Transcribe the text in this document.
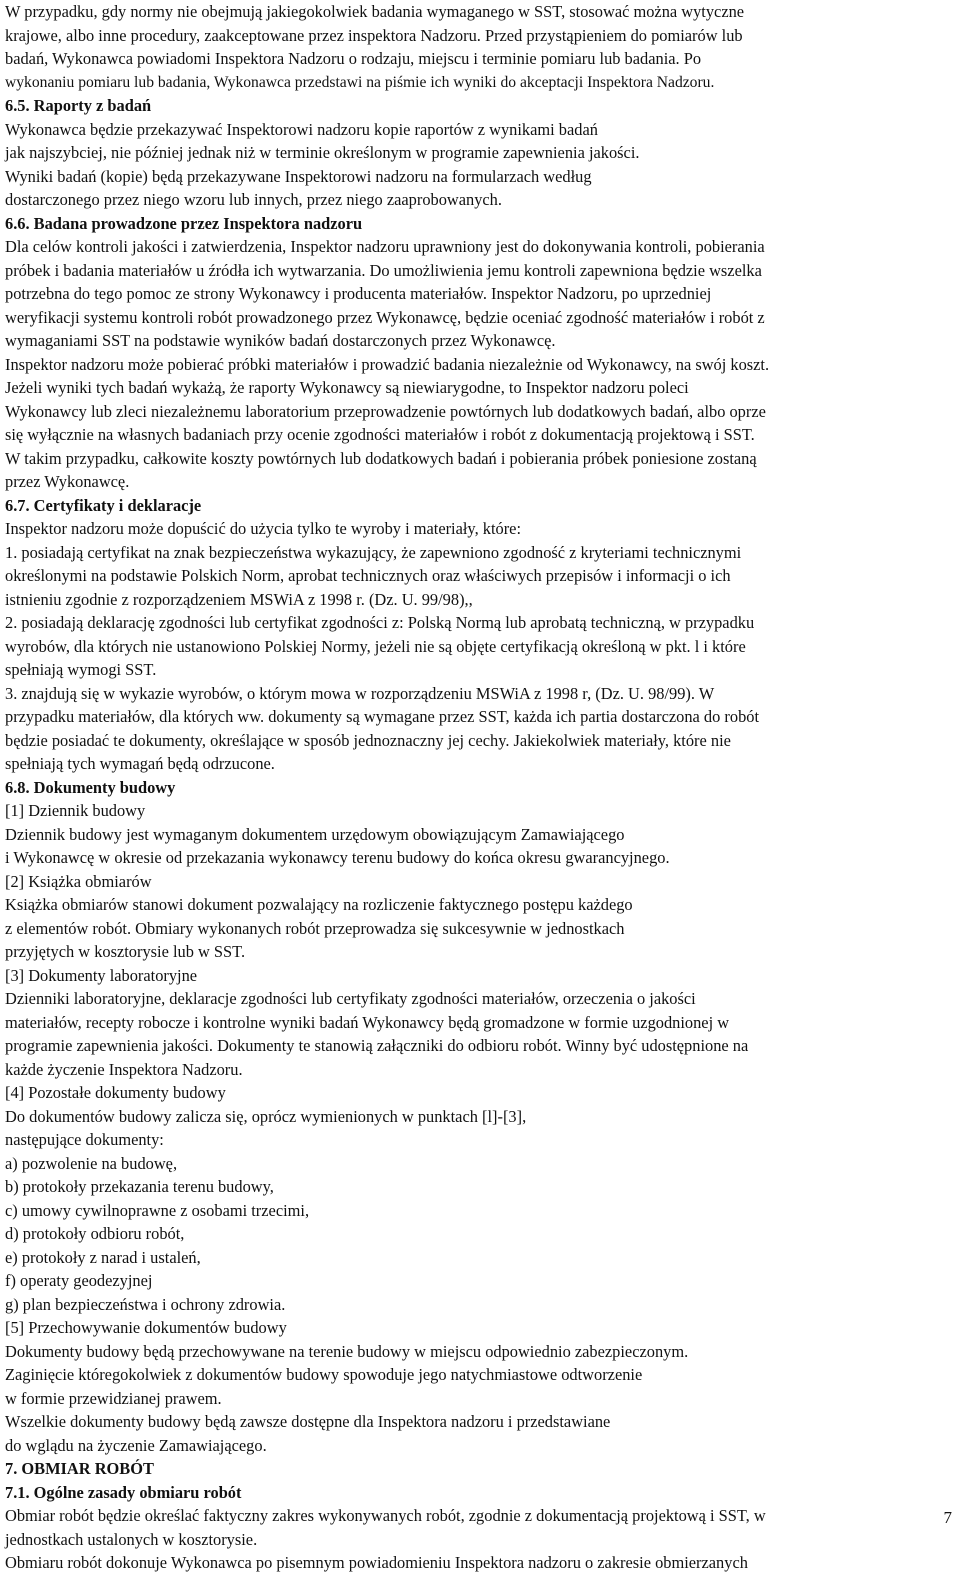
W przypadku, gdy normy nie obejmują jakiegokolwiek badania wymaganego w SST, stosować można wytyczne
krajowe, albo inne procedury, zaakceptowane przez inspektora Nadzoru. Przed przystąpieniem do pomiarów lub
badań, Wykonawca powiadomi Inspektora Nadzoru o rodzaju, miejscu i terminie pomiaru lub badania. Po
wykonaniu pomiaru lub badania, Wykonawca przedstawi na piśmie ich wyniki do akceptacji Inspektora Nadzoru.
6.5. Raporty z badań
Wykonawca będzie przekazywać Inspektorowi nadzoru kopie raportów z wynikami badań
jak najszybciej, nie później jednak niż w terminie określonym w programie zapewnienia jakości.
Wyniki badań (kopie) będą przekazywane Inspektorowi nadzoru na formularzach według
dostarczonego przez niego wzoru lub innych, przez niego zaaprobowanych.
6.6. Badana prowadzone przez Inspektora nadzoru
Dla celów kontroli jakości i zatwierdzenia, Inspektor nadzoru uprawniony jest do dokonywania kontroli, pobierania
próbek i badania materiałów u źródła ich wytwarzania. Do umożliwienia jemu kontroli zapewniona będzie wszelka
potrzebna do tego pomoc ze strony Wykonawcy i producenta materiałów. Inspektor Nadzoru, po uprzedniej
weryfikacji systemu kontroli robót prowadzonego przez Wykonawcę, będzie oceniać zgodność materiałów i robót z
wymaganiami SST na podstawie wyników badań dostarczonych przez Wykonawcę.
Inspektor nadzoru może pobierać próbki materiałów i prowadzić badania niezależnie od Wykonawcy, na swój koszt.
Jeżeli wyniki tych badań wykażą, że raporty Wykonawcy są niewiarygodne, to Inspektor nadzoru poleci
Wykonawcy lub zleci niezależnemu laboratorium przeprowadzenie powtórnych lub dodatkowych badań, albo oprze
się wyłącznie na własnych badaniach przy ocenie zgodności materiałów i robót z dokumentacją projektową i SST.
W takim przypadku, całkowite koszty powtórnych lub dodatkowych badań i pobierania próbek poniesione zostaną
przez Wykonawcę.
6.7. Certyfikaty i deklaracje
Inspektor nadzoru może dopuścić do użycia tylko te wyroby i materiały, które:
1. posiadają certyfikat na znak bezpieczeństwa wykazujący, że zapewniono zgodność z kryteriami technicznymi
określonymi na podstawie Polskich Norm, aprobat technicznych oraz właściwych przepisów i informacji o ich
istnieniu zgodnie z rozporządzeniem MSWiA z 1998 r. (Dz. U. 99/98),,
2. posiadają deklarację zgodności lub certyfikat zgodności z: Polską Normą lub aprobatą techniczną, w przypadku
wyrobów, dla których nie ustanowiono Polskiej Normy, jeżeli nie są objęte certyfikacją określoną w pkt. l i które
spełniają wymogi SST.
3. znajdują się w wykazie wyrobów, o którym mowa w rozporządzeniu MSWiA z 1998 r, (Dz. U. 98/99). W
przypadku materiałów, dla których ww. dokumenty są wymagane przez SST, każda ich partia dostarczona do robót
będzie posiadać te dokumenty, określające w sposób jednoznaczny jej cechy. Jakiekolwiek materiały, które nie
spełniają tych wymagań będą odrzucone.
6.8. Dokumenty budowy
[1] Dziennik budowy
Dziennik budowy jest wymaganym dokumentem urzędowym obowiązującym Zamawiającego
i Wykonawcę w okresie od przekazania wykonawcy terenu budowy do końca okresu gwarancyjnego.
[2] Książka obmiarów
Książka obmiarów stanowi dokument pozwalający na rozliczenie faktycznego postępu każdego
z elementów robót. Obmiary wykonanych robót przeprowadza się sukcesywnie w jednostkach
przyjętych w kosztorysie lub w SST.
[3] Dokumenty laboratoryjne
Dzienniki laboratoryjne, deklaracje zgodności lub certyfikaty zgodności materiałów, orzeczenia o jakości
materiałów, recepty robocze i kontrolne wyniki badań Wykonawcy będą gromadzone w formie uzgodnionej w
programie zapewnienia jakości. Dokumenty te stanowią załączniki do odbioru robót. Winny być udostępnione na
każde życzenie Inspektora Nadzoru.
[4] Pozostałe dokumenty budowy
Do dokumentów budowy zalicza się, oprócz wymienionych w punktach [l]-[3],
następujące dokumenty:
a) pozwolenie na budowę,
b) protokoły przekazania terenu budowy,
c) umowy cywilnoprawne z osobami trzecimi,
d) protokoły odbioru robót,
e) protokoły z narad i ustaleń,
f) operaty geodezyjnej
g) plan bezpieczeństwa i ochrony zdrowia.
[5] Przechowywanie dokumentów budowy
Dokumenty budowy będą przechowywane na terenie budowy w miejscu odpowiednio zabezpieczonym.
Zaginięcie któregokolwiek z dokumentów budowy spowoduje jego natychmiastowe odtworzenie
w formie przewidzianej prawem.
Wszelkie dokumenty budowy będą zawsze dostępne dla Inspektora nadzoru i przedstawiane
do wglądu na życzenie Zamawiającego.
7. OBMIAR ROBÓT
7.1. Ogólne zasady obmiaru robót
Obmiar robót będzie określać faktyczny zakres wykonywanych robót, zgodnie z dokumentacją projektową i SST, w
jednostkach ustalonych w kosztorysie.
Obmiaru robót dokonuje Wykonawca po pisemnym powiadomieniu Inspektora nadzoru o zakresie obmierzanych
7
